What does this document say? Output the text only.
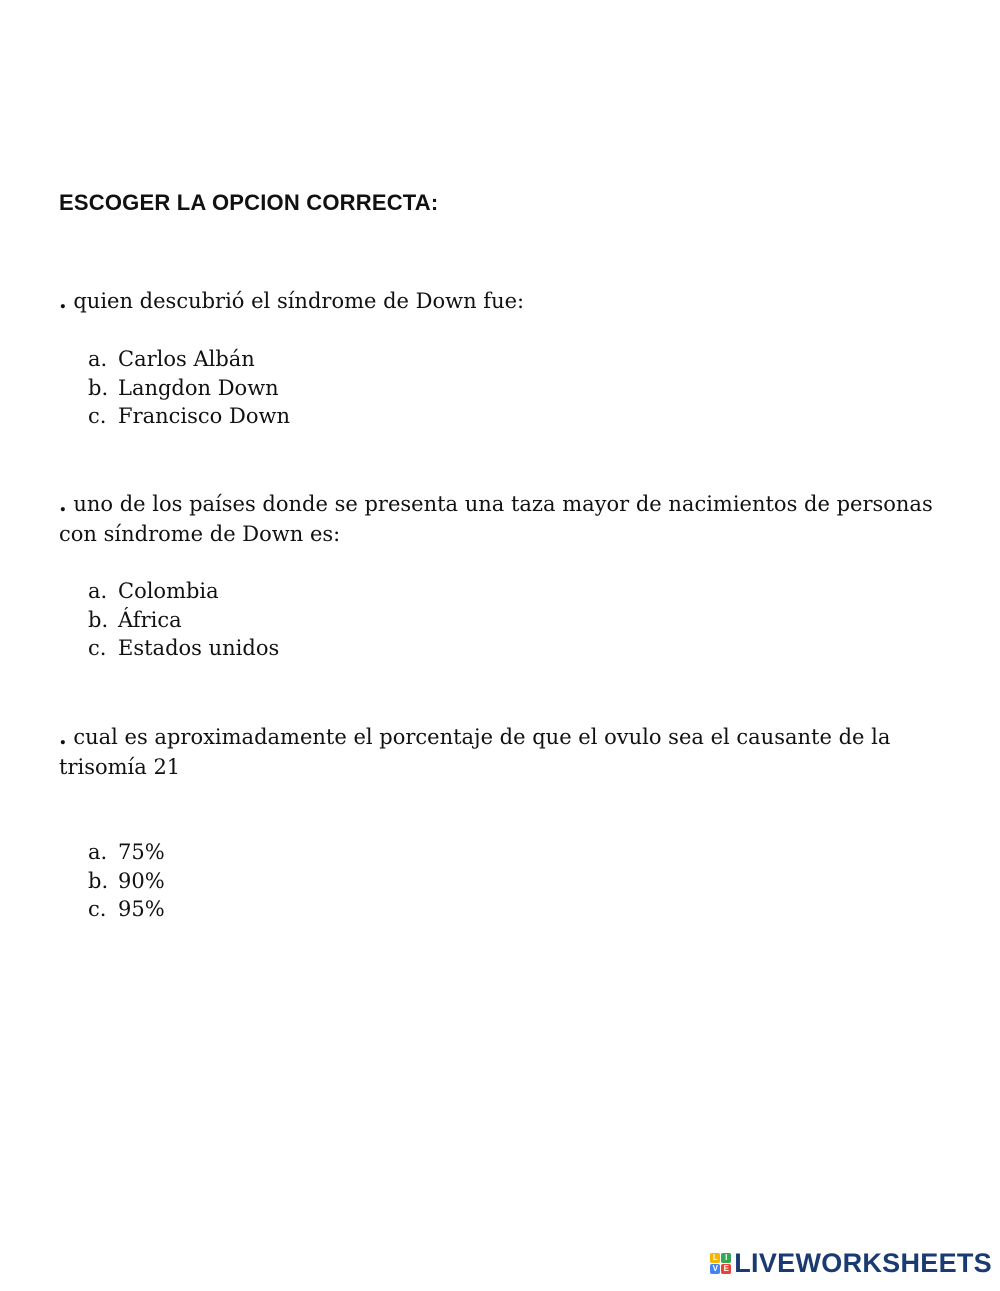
ESCOGER LA OPCION CORRECTA:

. quien descubrió el síndrome de Down fue:

a. Carlos Albán
b. Langdon Down
c. Francisco Down

. uno de los países donde se presenta una taza mayor de nacimientos de personas con síndrome de Down es:

a. Colombia
b. África
c. Estados unidos

. cual es aproximadamente el porcentaje de que el ovulo sea el causante de la trisomía 21

a. 75%
b. 90%
c. 95%
L I
V E LIVEWORKSHEETS
